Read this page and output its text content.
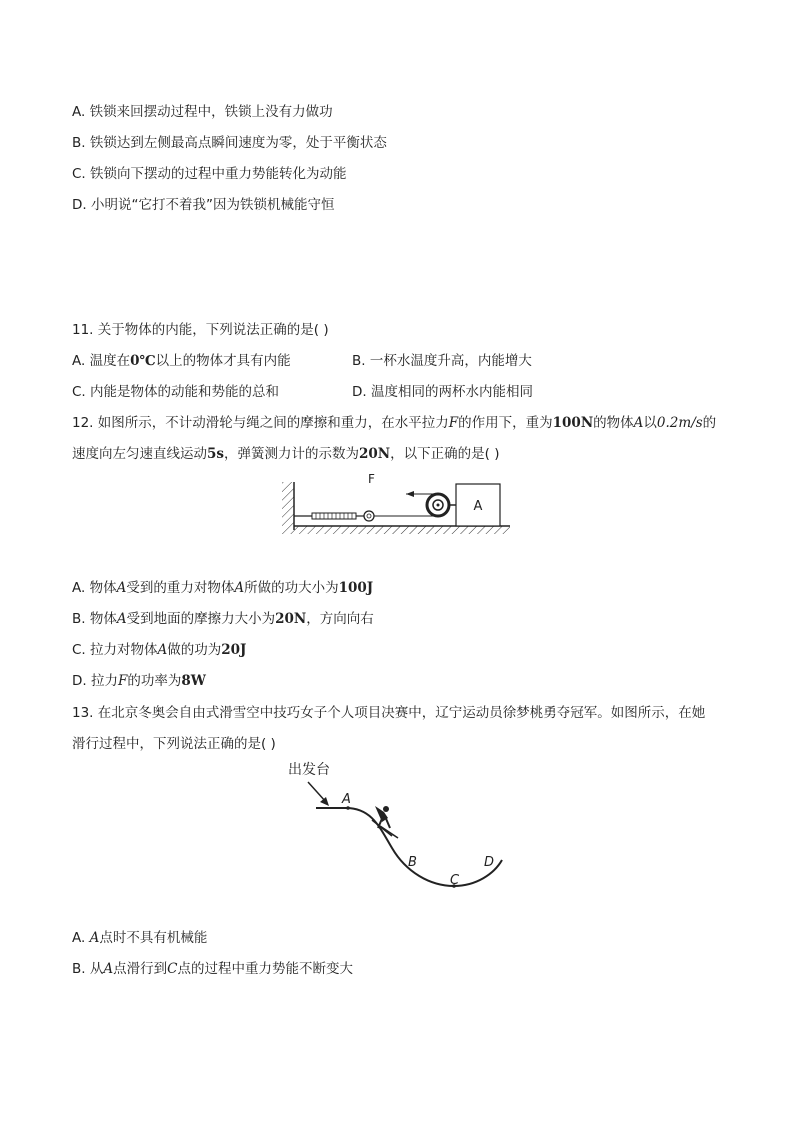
A. 铁锁来回摆动过程中，铁锁上没有力做功
B. 铁锁达到左侧最高点瞬间速度为零，处于平衡状态
C. 铁锁向下摆动的过程中重力势能转化为动能
D. 小明说“它打不着我”因为铁锁机械能守恒
11. 关于物体的内能，下列说法正确的是( )
A. 温度在0℃以上的物体才具有内能	B. 一杯水温度升高，内能增大
C. 内能是物体的动能和势能的总和	D. 温度相同的两杯水内能相同
12. 如图所示，不计动滑轮与绳之间的摩擦和重力，在水平拉力F的作用下，重为100N的物体A以0.2m/s的
速度向左匀速直线运动5s，弹簧测力计的示数为20N，以下正确的是( )
A
F
A. 物体A受到的重力对物体A所做的功大小为100J
B. 物体A受到地面的摩擦力大小为20N，方向向右
C. 拉力对物体A做的功为20J
D. 拉力F的功率为8W
13. 在北京冬奥会自由式滑雪空中技巧女子个人项目决赛中，辽宁运动员徐梦桃勇夺冠军。如图所示，在她
滑行过程中，下列说法正确的是( )
出发台
A
B
C
D
A. A点时不具有机械能
B. 从A点滑行到C点的过程中重力势能不断变大
